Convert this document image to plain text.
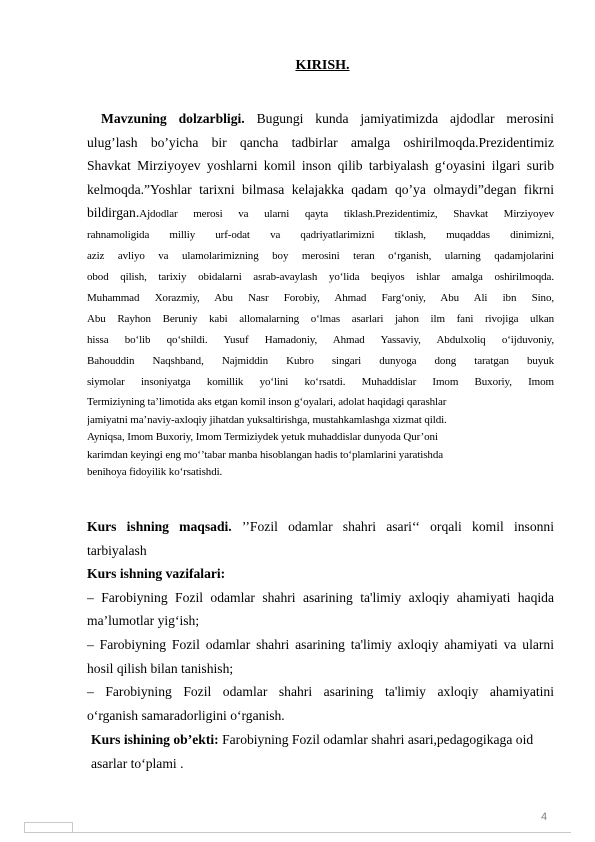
KIRISH.

Mavzuning dolzarbligi. Bugungi kunda jamiyatimizda ajdodlar merosini

ulug’lash bo’yicha bir qancha tadbirlar amalga oshirilmoqda.Prezidentimiz

Shavkat Mirziyoyev yoshlarni komil inson qilib tarbiyalash g‘oyasini ilgari surib

kelmoqda.”Yoshlar tarixni bilmasa kelajakka qadam qo’ya olmaydi”degan fikrni

bildirgan.Ajdodlar merosi va ularni qayta tiklash.Prezidentimiz, Shavkat Mirziyoyev

rahnamoligida milliy urf-odat va qadriyatlarimizni tiklash, muqaddas dinimizni,

aziz avliyo va ulamolarimizning boy merosini teran o‘rganish, ularning qadamjolarini

obod qilish, tarixiy obidalarni asrab-avaylash yo‘lida beqiyos ishlar amalga oshirilmoqda.

Muhammad Xorazmiy, Abu Nasr Forobiy, Ahmad Farg‘oniy, Abu Ali ibn Sino,

Abu Rayhon Beruniy kabi allomalarning o‘lmas asarlari jahon ilm fani rivojiga ulkan

hissa bo‘lib qo‘shildi. Yusuf Hamadoniy, Ahmad Yassaviy, Abdulxoliq o‘ijduvoniy,

Bahouddin Naqshband, Najmiddin Kubro singari dunyoga dong taratgan buyuk

siymolar insoniyatga komillik yo‘lini ko‘rsatdi. Muhaddislar Imom Buxoriy, Imom

Termiziyning ta’limotida aks etgan komil inson g‘oyalari, adolat haqidagi qarashlar

jamiyatni ma’naviy-axloqiy jihatdan yuksaltirishga, mustahkamlashga xizmat qildi.

Ayniqsa, Imom Buxoriy, Imom Termiziydek yetuk muhaddislar dunyoda Qur’oni

karimdan keyingi eng mo‘’tabar manba hisoblangan hadis to‘plamlarini yaratishda

benihoya fidoyilik ko‘rsatishdi.

Kurs ishning maqsadi. ’’Fozil odamlar shahri asari‘‘ orqali komil insonni

tarbiyalash

Kurs ishning vazifalari:

– Farobiyning Fozil odamlar shahri asarining ta'limiy axloqiy ahamiyati haqida

ma’lumotlar yig‘ish;

– Farobiyning Fozil odamlar shahri asarining ta'limiy axloqiy ahamiyati va ularni

hosil qilish bilan tanishish;

– Farobiyning Fozil odamlar shahri asarining ta'limiy axloqiy ahamiyatini

o‘rganish samaradorligini o‘rganish.

Kurs ishining ob’ekti: Farobiyning Fozil odamlar shahri asari,pedagogikaga oid

asarlar to‘plami .

4
